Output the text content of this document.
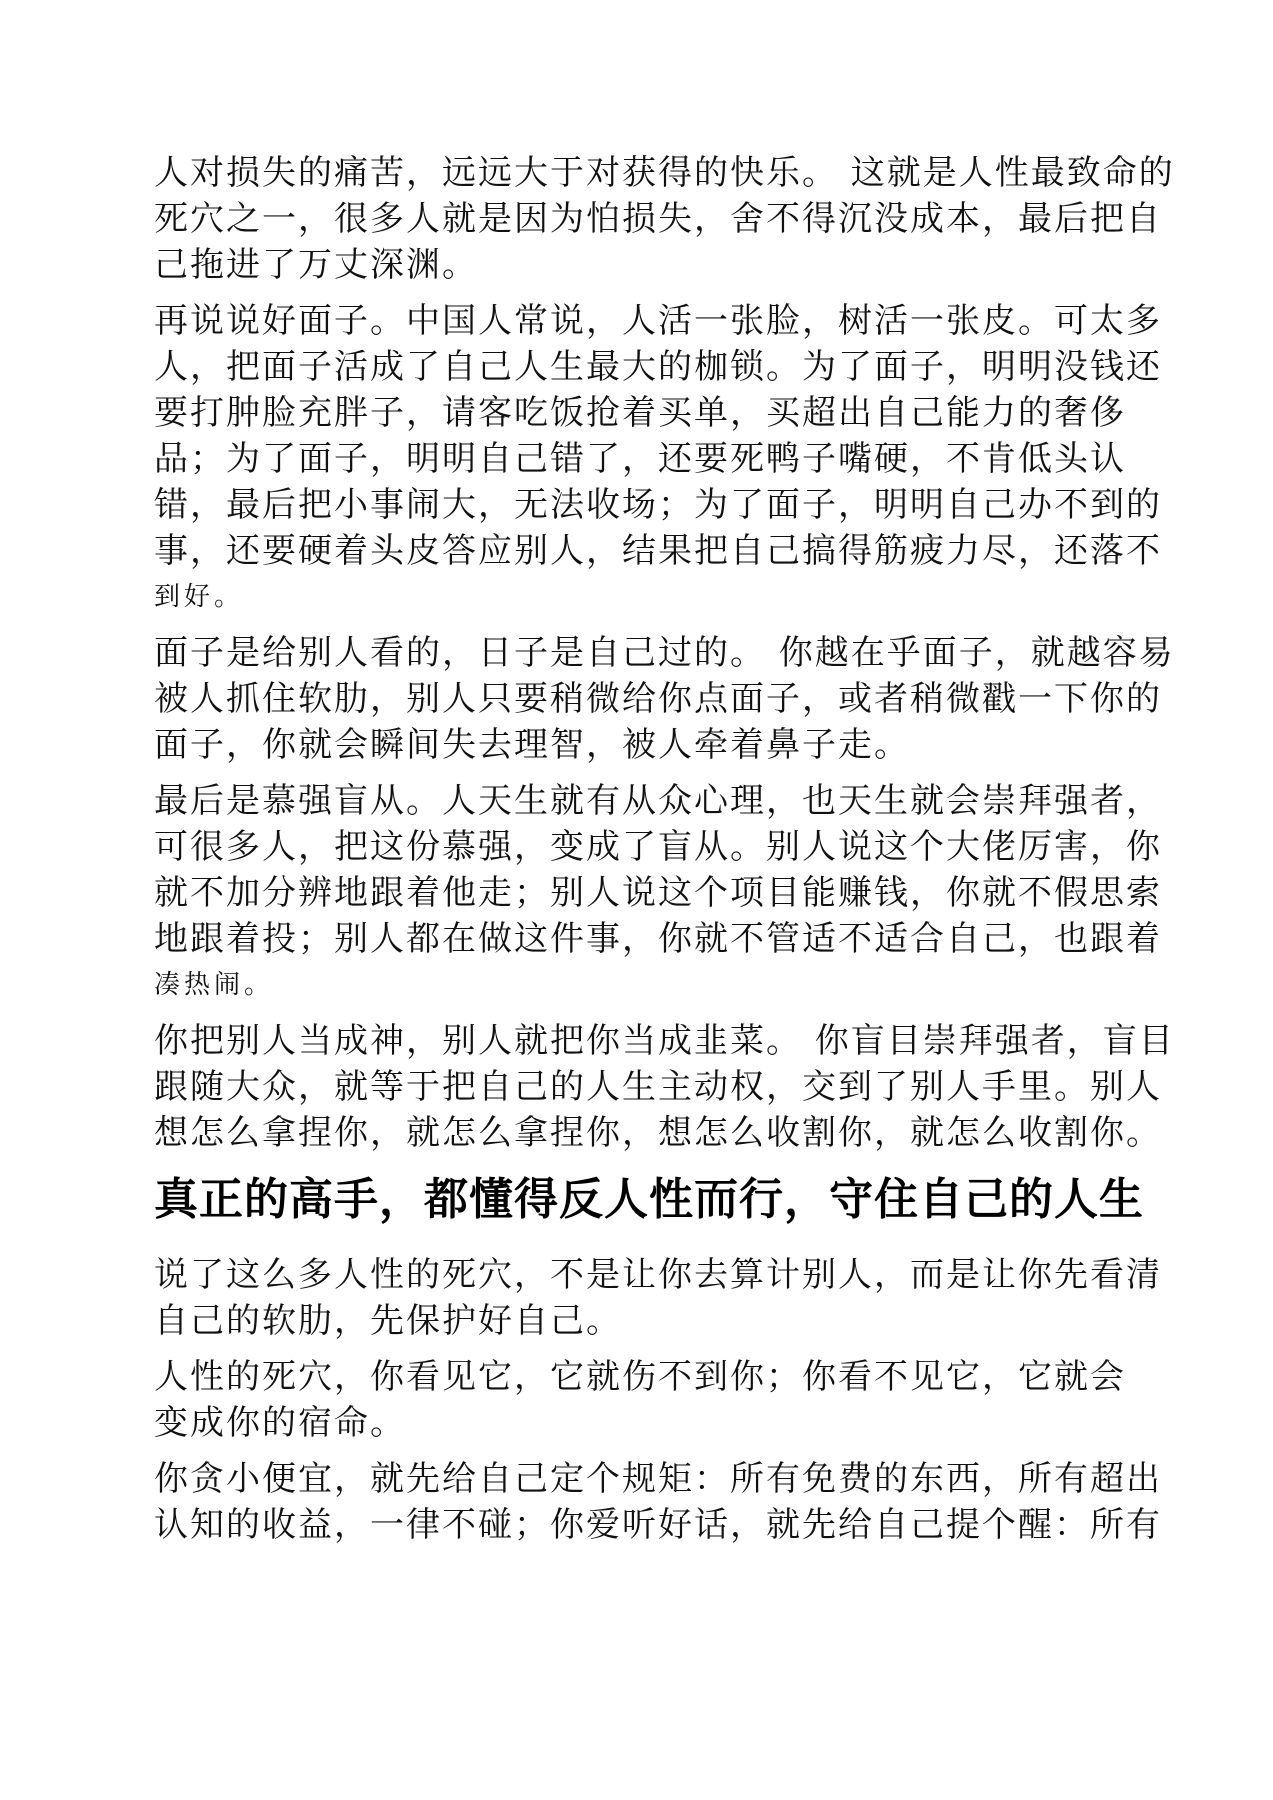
人对损失的痛苦，远远大于对获得的快乐。 这就是人性最致命的
死穴之一，很多人就是因为怕损失，舍不得沉没成本，最后把自
己拖进了万丈深渊。

再说说好面子。中国人常说，人活一张脸，树活一张皮。可太多
人，把面子活成了自己人生最大的枷锁。为了面子，明明没钱还
要打肿脸充胖子，请客吃饭抢着买单，买超出自己能力的奢侈
品；为了面子，明明自己错了，还要死鸭子嘴硬，不肯低头认
错，最后把小事闹大，无法收场；为了面子，明明自己办不到的
事，还要硬着头皮答应别人，结果把自己搞得筋疲力尽，还落不
到好。

面子是给别人看的，日子是自己过的。 你越在乎面子，就越容易
被人抓住软肋，别人只要稍微给你点面子，或者稍微戳一下你的
面子，你就会瞬间失去理智，被人牵着鼻子走。

最后是慕强盲从。人天生就有从众心理，也天生就会崇拜强者，
可很多人，把这份慕强，变成了盲从。别人说这个大佬厉害，你
就不加分辨地跟着他走；别人说这个项目能赚钱，你就不假思索
地跟着投；别人都在做这件事，你就不管适不适合自己，也跟着
凑热闹。

你把别人当成神，别人就把你当成韭菜。 你盲目崇拜强者，盲目
跟随大众，就等于把自己的人生主动权，交到了别人手里。别人
想怎么拿捏你，就怎么拿捏你，想怎么收割你，就怎么收割你。

真正的高手，都懂得反人性而行，守住自己的人生

说了这么多人性的死穴，不是让你去算计别人，而是让你先看清
自己的软肋，先保护好自己。

人性的死穴，你看见它，它就伤不到你；你看不见它，它就会
变成你的宿命。

你贪小便宜，就先给自己定个规矩：所有免费的东西，所有超出
认知的收益，一律不碰；你爱听好话，就先给自己提个醒：所有
